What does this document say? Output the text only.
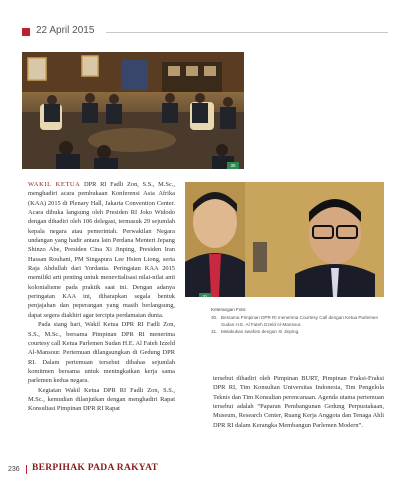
22 April 2015
30
31

WAKIL KETUA DPR RI Fadli Zon, S.S., M.Sc., menghadiri acara pembukaan Konferensi Asia Afrika (KAA) 2015 di Plenary Hall, Jakarta Convention Center. Acara dibuka langsung oleh Presiden RI Joko Widodo dengan dihadiri oleh 106 delegasi, termasuk 29 sejumlah kepala negara atau pemerintah. Perwakilan Negara undangan yang hadir antara lain Perdana Menteri Jepang Shinzo Abe, Presiden Cina Xi Jinping, Presiden Iran Hassan Rouhani, PM Singapura Lee Hsien Liong, serta Raja Abdullah dari Yordania. Peringatan KAA 2015 memiliki arti penting untuk menevitalisasi nilai-nilai anti kolonialisme pada praktik saat ini. Dengan adanya peringatan KAA ini, diharapkan segala bentuk penjajahan dan peperangan yang masih berlangsung, dapat segera diakhiri agar tercipta perdamaian dunia.

Pada siang hari, Wakil Ketua DPR RI Fadli Zon, S.S., M.Sc., bersama Pimpinan DPR RI menerima courtesy call Ketua Parlemen Sudan H.E. Al Fateh Izzeld Al-Mansour. Pertemuan dilangsungkan di Gedung DPR RI. Dalam pertemuan tersebut dibahas sejumlah komitmen bersama untuk meningkatkan kerja sama parlemen kedua negara.

Kegiatan Wakil Ketua DPR RI Fadli Zon, S.S., M.Sc., kemudian dilanjutkan dengan menghadiri Rapat Konsultasi Pimpinan DPR RI Rapat

Keterangan Foto:
30. Bersama Pimpinan DPR RI menerima Courtesy Call dengan Ketua Parlemen Sudan H.E. Al Fateh Izzeld Al-Mansour.
31. Melakukan swafoto dengan Xi Jinping.

tersebut dihadiri oleh Pimpinan BURT, Pimpinan Fraksi-Fraksi DPR RI, Tim Konsultan Universitas Indonesia, Tim Pengelola Teknis dan Tim Konsultan perencanaan. Agenda utama pertemuan tersebut adalah “Paparan Pembangunan Gedung Perpustakaan, Museum, Research Center, Ruang Kerja Anggota dan Tenaga Ahli DPR RI dalam Kerangka Membangun Parlemen Modern”.

236 BERPIHAK PADA RAKYAT
